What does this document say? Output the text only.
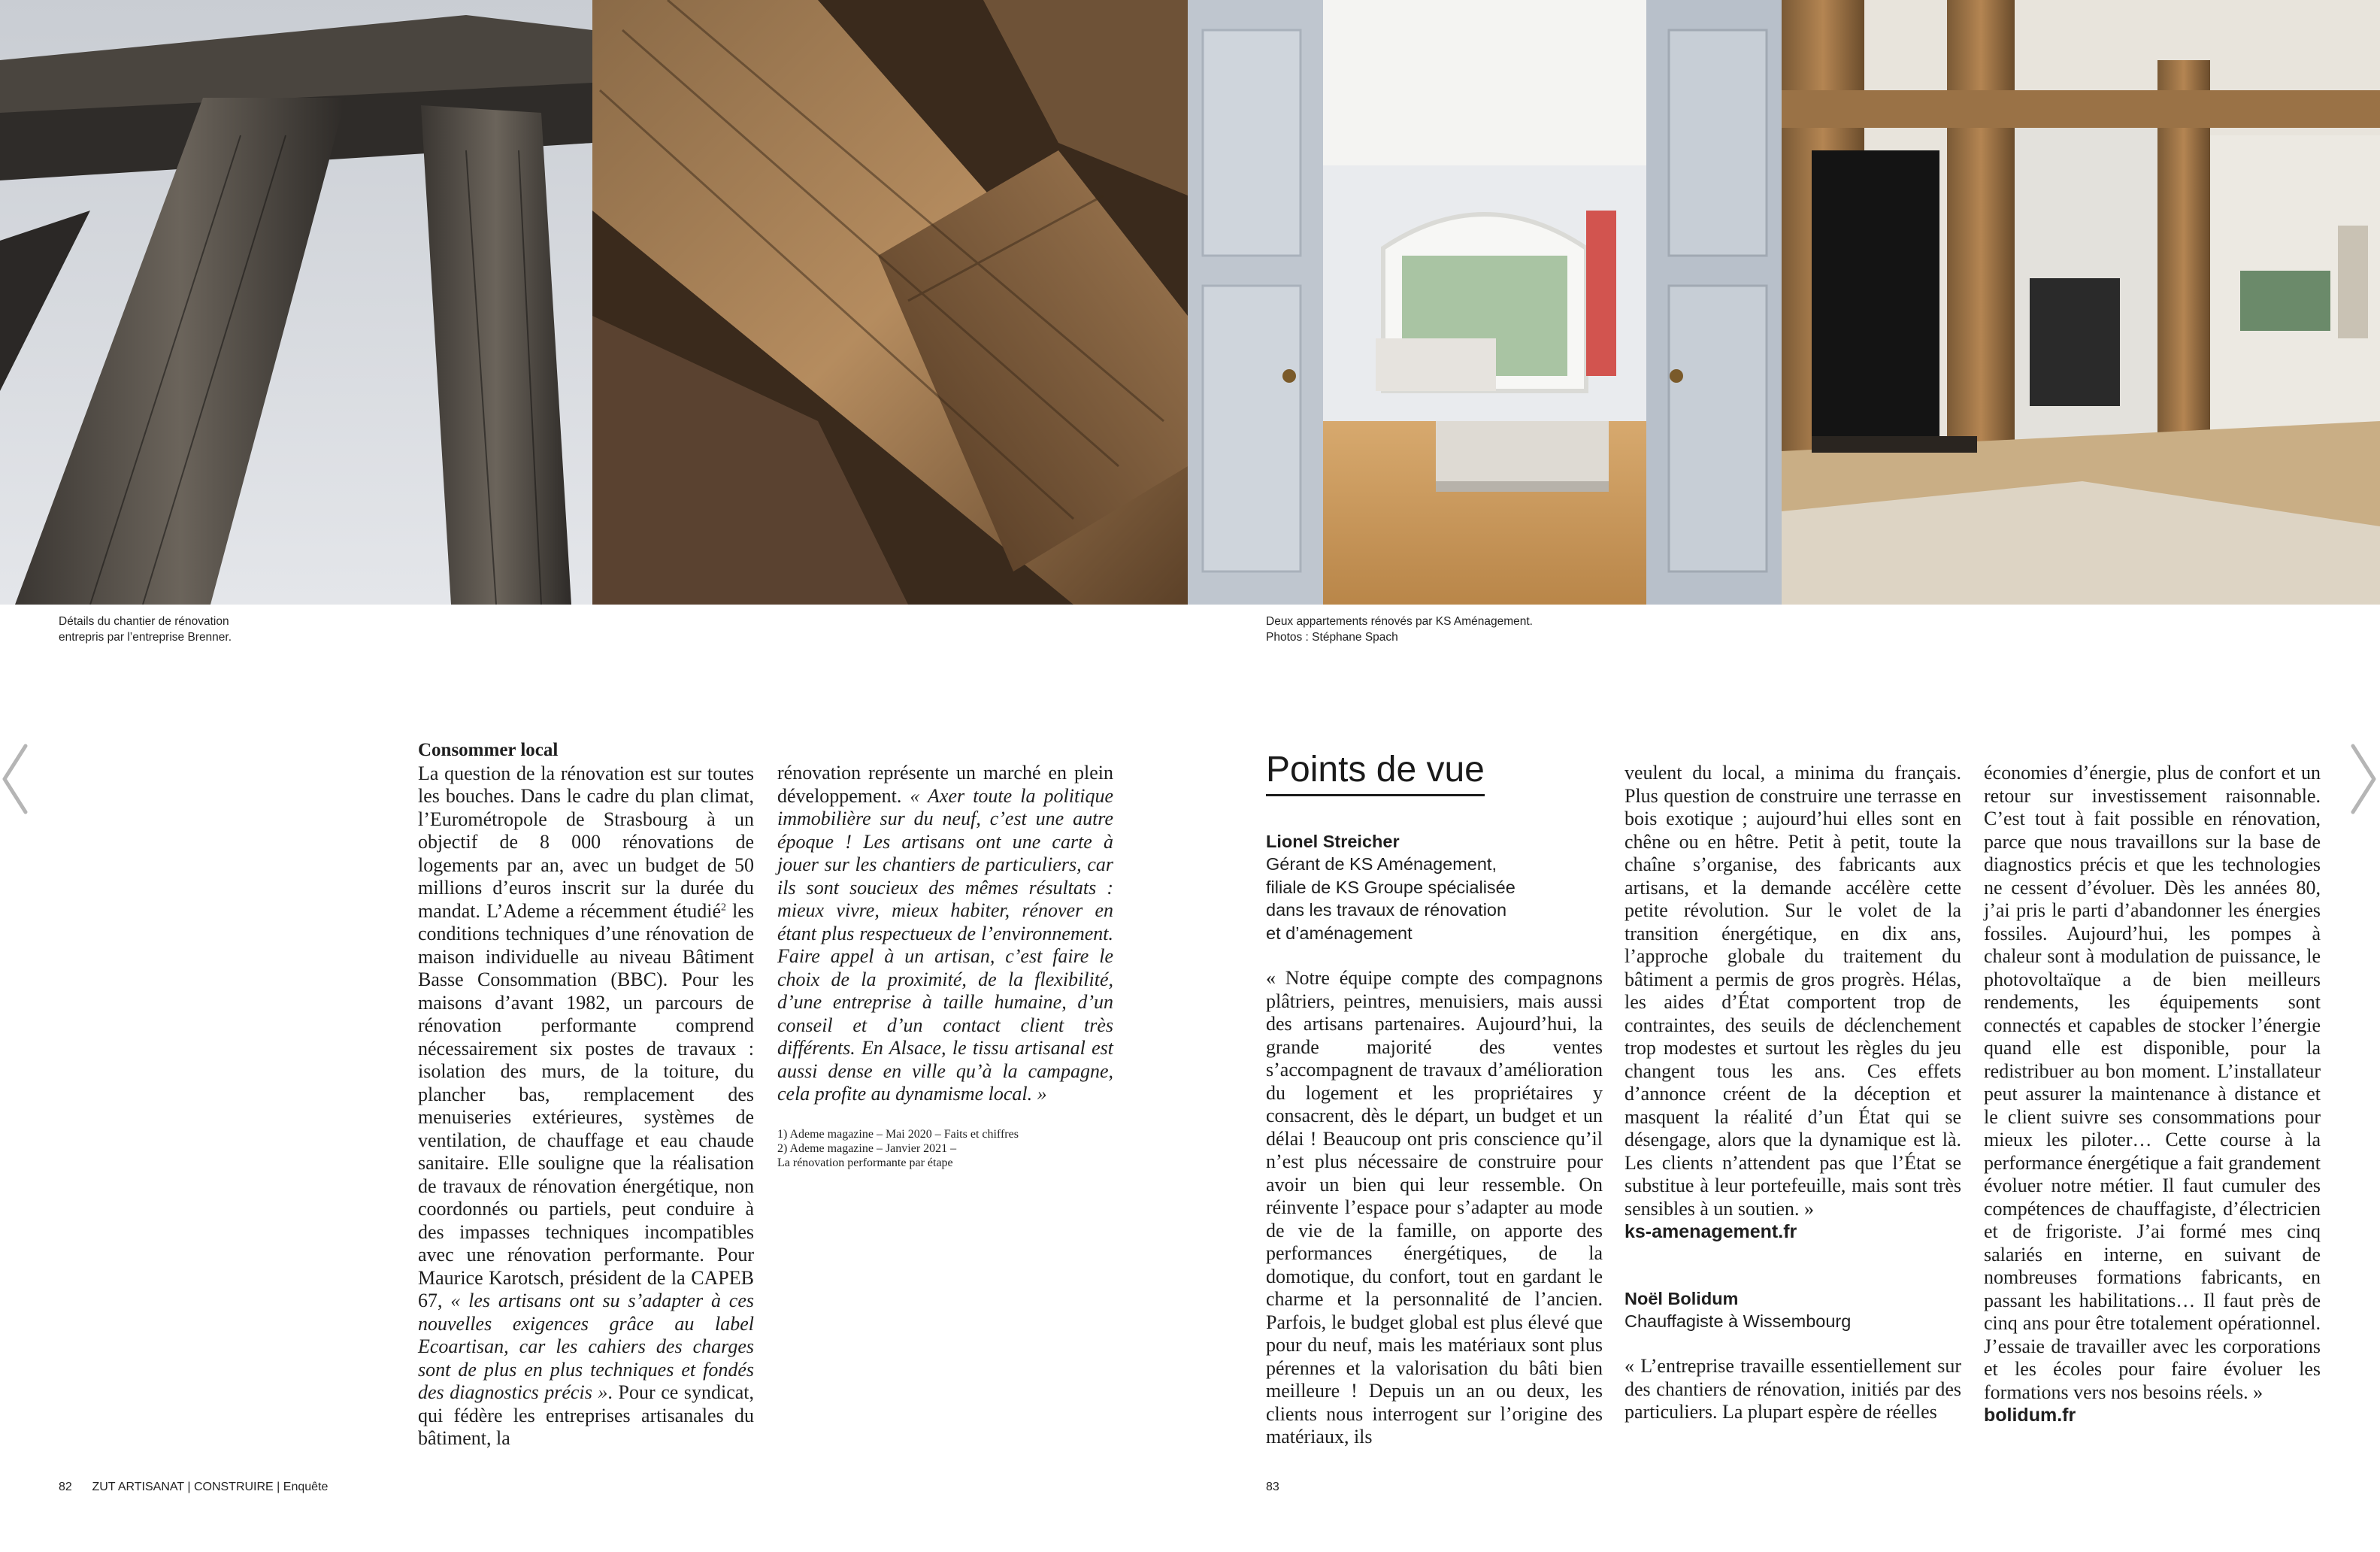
Détails du chantier de rénovation
entrepris par l’entreprise Brenner.
Deux appartements rénovés par KS Aménagement.
Photos : Stéphane Spach
Consommer local

La question de la rénovation est sur toutes les bouches. Dans le cadre du plan climat, l’Eurométropole de Strasbourg à un objectif de 8 000 rénovations de logements par an, avec un budget de 50 millions d’euros inscrit sur la durée du mandat. L’Ademe a récemment étudié$^2$ les conditions techniques d’une rénovation de maison individuelle au niveau Bâtiment Basse Consommation (BBC). Pour les maisons d’avant 1982, un parcours de rénovation performante comprend nécessairement six postes de travaux : isolation des murs, de la toiture, du plancher bas, remplacement des menuiseries extérieures, systèmes de ventilation, de chauffage et eau chaude sanitaire. Elle souligne que la réalisation de travaux de rénovation énergétique, non coordonnés ou partiels, peut conduire à des impasses techniques incompatibles avec une rénovation performante. Pour Maurice Karotsch, président de la CAPEB 67, « les artisans ont su s’adapter à ces nouvelles exigences grâce au label Ecoartisan, car les cahiers des charges sont de plus en plus techniques et fondés des diagnostics précis ». Pour ce syndicat, qui fédère les entreprises artisanales du bâtiment, la

rénovation représente un marché en plein développement. « Axer toute la politique immobilière sur du neuf, c’est une autre époque ! Les artisans ont une carte à jouer sur les chantiers de particuliers, car ils sont soucieux des mêmes résultats : mieux vivre, mieux habiter, rénover en étant plus respectueux de l’environnement. Faire appel à un artisan, c’est faire le choix de la proximité, de la flexibilité, d’une entreprise à taille humaine, d’un conseil et d’un contact client très différents. En Alsace, le tissu artisanal est aussi dense en ville qu’à la campagne, cela profite au dynamisme local. »

1) Ademe magazine – Mai 2020 – Faits et chiffres
2) Ademe magazine – Janvier 2021 –
La rénovation performante par étape
Points de vue
Lionel Streicher
Gérant de KS Aménagement,
filiale de KS Groupe spécialisée
dans les travaux de rénovation
et d’aménagement

« Notre équipe compte des compagnons plâtriers, peintres, menuisiers, mais aussi des artisans partenaires. Aujourd’hui, la grande majorité des ventes s’accompagnent de travaux d’amélioration du logement et les propriétaires y consacrent, dès le départ, un budget et un délai ! Beaucoup ont pris conscience qu’il n’est plus nécessaire de construire pour avoir un bien qui leur ressemble. On réinvente l’espace pour s’adapter au mode de vie de la famille, on apporte des performances énergétiques, de la domotique, du confort, tout en gardant le charme et la personnalité de l’ancien. Parfois, le budget global est plus élevé que pour du neuf, mais les matériaux sont plus pérennes et la valorisation du bâti bien meilleure ! Depuis un an ou deux, les clients nous interrogent sur l’origine des matériaux, ils

veulent du local, a minima du français. Plus question de construire une terrasse en bois exotique ; aujourd’hui elles sont en chêne ou en hêtre. Petit à petit, toute la chaîne s’organise, des fabricants aux artisans, et la demande accélère cette petite révolution. Sur le volet de la transition énergétique, en dix ans, l’approche globale du traitement du bâtiment a permis de gros progrès. Hélas, les aides d’État comportent trop de contraintes, des seuils de déclenchement trop modestes et surtout les règles du jeu changent tous les ans. Ces effets d’annonce créent de la déception et masquent la réalité d’un État qui se désengage, alors que la dynamique est là. Les clients n’attendent pas que l’État se substitue à leur portefeuille, mais sont très sensibles à un soutien. »

ks-amenagement.fr
Noël Bolidum
Chauffagiste à Wissembourg

« L’entreprise travaille essentiellement sur des chantiers de rénovation, initiés par des particuliers. La plupart espère de réelles

économies d’énergie, plus de confort et un retour sur investissement raisonnable. C’est tout à fait possible en rénovation, parce que nous travaillons sur la base de diagnostics précis et que les technologies ne cessent d’évoluer. Dès les années 80, j’ai pris le parti d’abandonner les énergies fossiles. Aujourd’hui, les pompes à chaleur sont à modulation de puissance, le photovoltaïque a de bien meilleurs rendements, les équipements sont connectés et capables de stocker l’énergie quand elle est disponible, pour la redistribuer au bon moment. L’installateur peut assurer la maintenance à distance et le client suivre ses consommations pour mieux les piloter… Cette course à la performance énergétique a fait grandement évoluer notre métier. Il faut cumuler des compétences de chauffagiste, d’électricien et de frigoriste. J’ai formé mes cinq salariés en interne, en suivant de nombreuses formations fabricants, en passant les habilitations… Il faut près de cinq ans pour être totalement opérationnel. J’essaie de travailler avec les corporations et les écoles pour faire évoluer les formations vers nos besoins réels. »

bolidum.fr
82 ZUT ARTISANAT | CONSTRUIRE | Enquête	83
